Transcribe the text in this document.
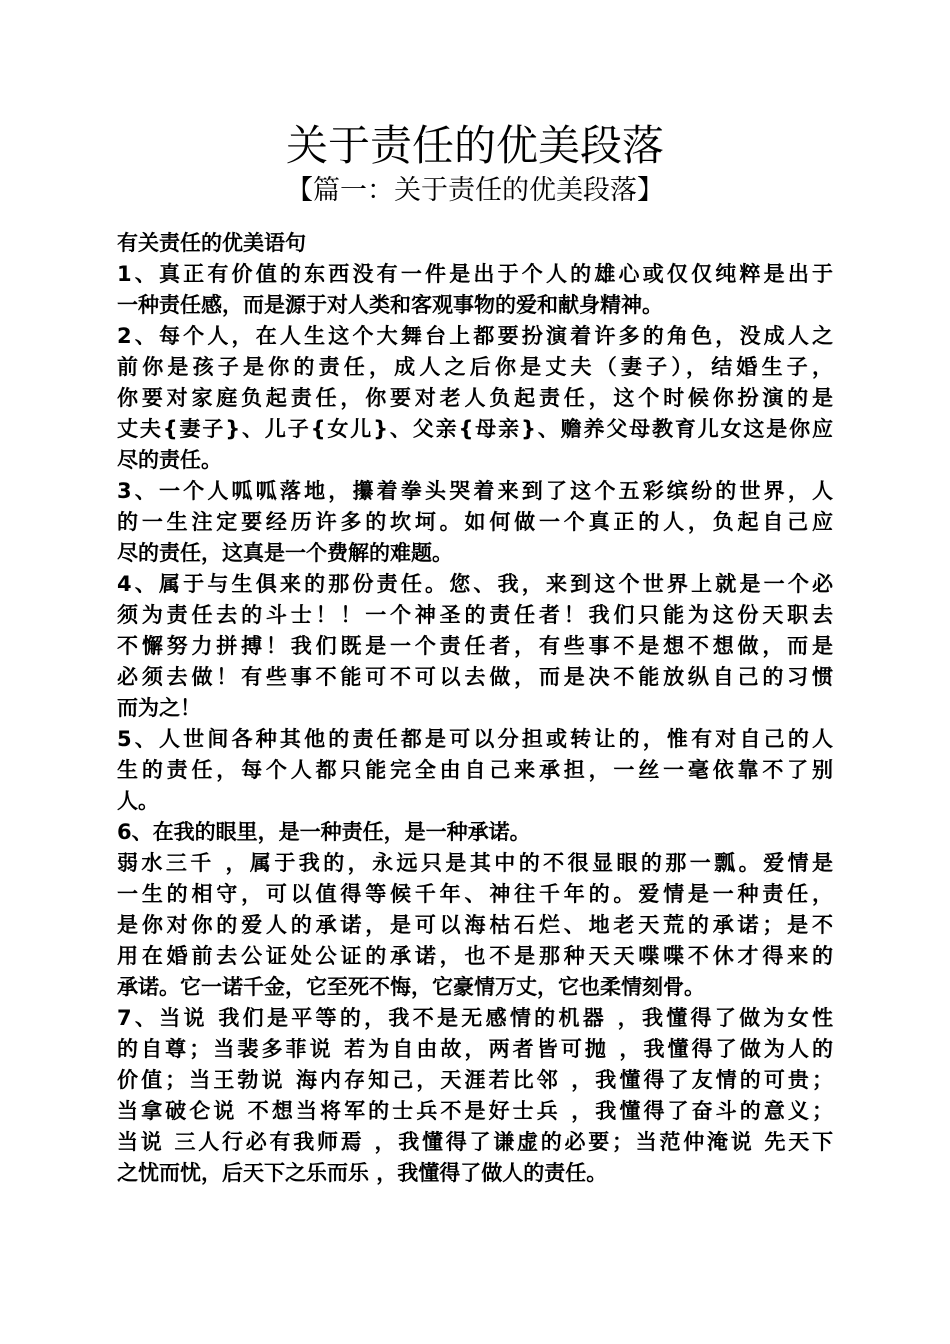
关于责任的优美段落
【篇一：关于责任的优美段落】
有关责任的优美语句
1、真正有价值的东西没有一件是出于个人的雄心或仅仅纯粹是出于
一种责任感，而是源于对人类和客观事物的爱和献身精神。
2、每个人，在人生这个大舞台上都要扮演着许多的角色，没成人之
前你是孩子是你的责任，成人之后你是丈夫（妻子），结婚生子，
你要对家庭负起责任，你要对老人负起责任，这个时候你扮演的是
丈夫{妻子}、儿子{女儿}、父亲{母亲}、赡养父母教育儿女这是你应
尽的责任。
3、一个人呱呱落地，攥着拳头哭着来到了这个五彩缤纷的世界，人
的一生注定要经历许多的坎坷。如何做一个真正的人，负起自己应
尽的责任，这真是一个费解的难题。
4、属于与生俱来的那份责任。您、我，来到这个世界上就是一个必
须为责任去的斗士！！一个神圣的责任者！我们只能为这份天职去
不懈努力拼搏！我们既是一个责任者，有些事不是想不想做，而是
必须去做！有些事不能可不可以去做，而是决不能放纵自己的习惯
而为之！
5、人世间各种其他的责任都是可以分担或转让的，惟有对自己的人
生的责任，每个人都只能完全由自己来承担，一丝一毫依靠不了别
人。
6、在我的眼里，是一种责任，是一种承诺。
弱水三千 ，属于我的，永远只是其中的不很显眼的那一瓢。爱情是
一生的相守，可以值得等候千年、神往千年的。爱情是一种责任，
是你对你的爱人的承诺，是可以海枯石烂、地老天荒的承诺；是不
用在婚前去公证处公证的承诺，也不是那种天天喋喋不休才得来的
承诺。它一诺千金，它至死不悔，它豪情万丈，它也柔情刻骨。
7、当说 我们是平等的，我不是无感情的机器 ，我懂得了做为女性
的自尊；当裴多菲说 若为自由故，两者皆可抛 ，我懂得了做为人的
价值；当王勃说 海内存知己，天涯若比邻 ，我懂得了友情的可贵；
当拿破仑说 不想当将军的士兵不是好士兵 ，我懂得了奋斗的意义；
当说 三人行必有我师焉 ，我懂得了谦虚的必要；当范仲淹说 先天下
之忧而忧，后天下之乐而乐 ，我懂得了做人的责任。
